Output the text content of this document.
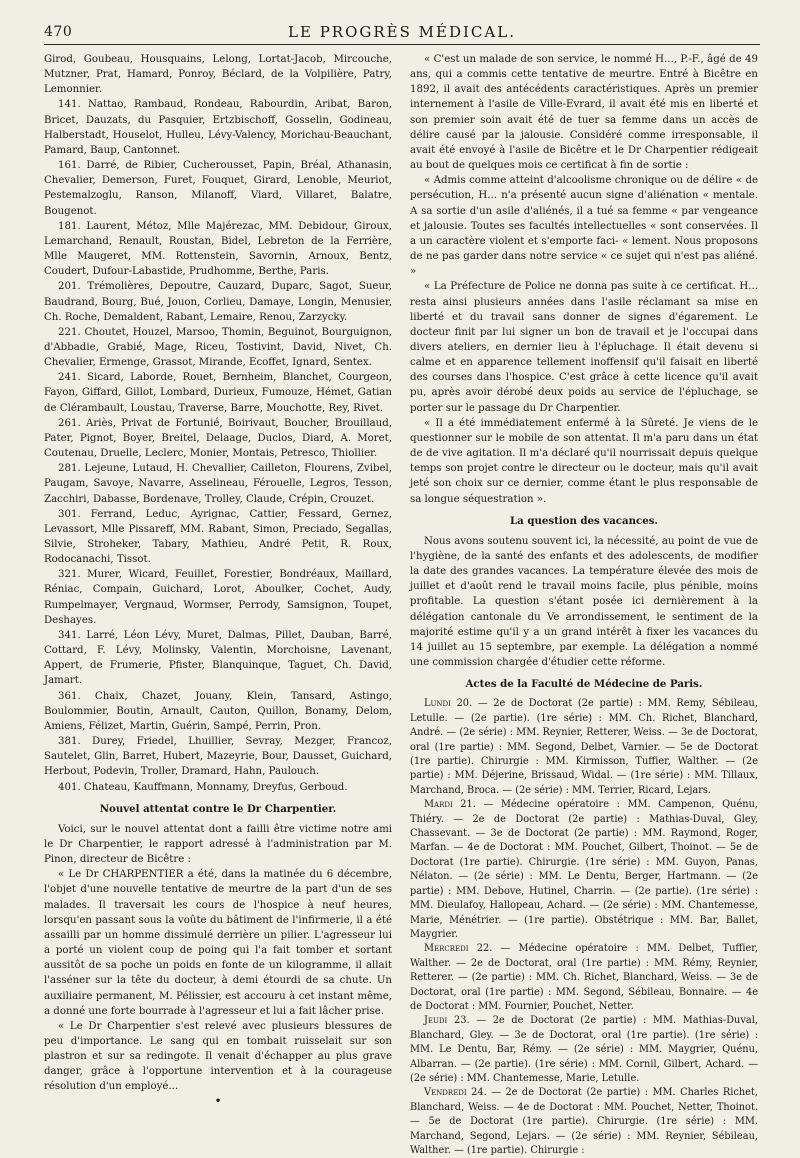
470	LE PROGRÈS MÉDICAL.

Girod, Goubeau, Housquains, Lelong, Lortat-Jacob, Mircouche, Mutzner, Prat, Hamard, Ponroy, Béclard, de la Volpilière, Patry, Lemonnier.

141. Nattao, Rambaud, Rondeau, Rabourdin, Aribat, Baron, Bricet, Dauzats, du Pasquier, Ertzbischoff, Gosselin, Godineau, Halberstadt, Houselot, Hulleu, Lévy-Valency, Morichau-Beauchant, Pamard, Baup, Cantonnet.

161. Darré, de Ribier, Cucherousset, Papin, Bréal, Athanasin, Chevalier, Demerson, Furet, Fouquet, Girard, Lenoble, Meuriot, Pestemalzoglu, Ranson, Milanoff, Viard, Villaret, Balatre, Bougenot.

181. Laurent, Métoz, Mlle Majérezac, MM. Debidour, Giroux, Lemarchand, Renault, Roustan, Bidel, Lebreton de la Ferrière, Mlle Maugeret, MM. Rottenstein, Savornin, Arnoux, Bentz, Coudert, Dufour-Labastide, Prudhomme, Berthe, Paris.

201. Trémolières, Depoutre, Cauzard, Duparc, Sagot, Sueur, Baudrand, Bourg, Bué, Jouon, Corlieu, Damaye, Longin, Menusier, Ch. Roche, Demaldent, Rabant, Lemaire, Renou, Zarzycky.

221. Choutet, Houzel, Marsoo, Thomin, Beguinot, Bourguignon, d'Abbadie, Grabié, Mage, Riceu, Tostivint, David, Nivet, Ch. Chevalier, Ermenge, Grassot, Mirande, Ecoffet, Ignard, Sentex.

241. Sicard, Laborde, Rouet, Bernheim, Blanchet, Courgeon, Fayon, Giffard, Gillot, Lombard, Durieux, Fumouze, Hémet, Gatian de Clérambault, Loustau, Traverse, Barre, Mouchotte, Rey, Rivet.

261. Ariès, Privat de Fortunié, Boirivaut, Boucher, Brouillaud, Pater, Pignot, Boyer, Breitel, Delaage, Duclos, Diard, A. Moret, Coutenau, Druelle, Leclerc, Monier, Montais, Petresco, Thiollier.

281. Lejeune, Lutaud, H. Chevallier, Cailleton, Flourens, Zvibel, Paugam, Savoye, Navarre, Asselineau, Férouelle, Legros, Tesson, Zacchiri, Dabasse, Bordenave, Trolley, Claude, Crépin, Crouzet.

301. Ferrand, Leduc, Ayrignac, Cattier, Fessard, Gernez, Levassort, Mlle Pissareff, MM. Rabant, Simon, Preciado, Segallas, Silvie, Stroheker, Tabary, Mathieu, André Petit, R. Roux, Rodocanachi, Tissot.

321. Murer, Wicard, Feuillet, Forestier, Bondréaux, Maillard, Réniac, Compain, Guichard, Lorot, Aboulker, Cochet, Audy, Rumpelmayer, Vergnaud, Wormser, Perrody, Samsignon, Toupet, Deshayes.

341. Larré, Léon Lévy, Muret, Dalmas, Pillet, Dauban, Barré, Cottard, F. Lévy, Molinsky, Valentin, Morchoisne, Lavenant, Appert, de Frumerie, Pfister, Blanquinque, Taguet, Ch. David, Jamart.

361. Chaix, Chazet, Jouany, Klein, Tansard, Astingo, Boulommier, Boutin, Arnault, Cauton, Quillon, Bonamy, Delom, Amiens, Félizet, Martin, Guérin, Sampé, Perrin, Pron.

381. Durey, Friedel, Lhuillier, Sevray, Mezger, Francoz, Sautelet, Glin, Barret, Hubert, Mazeyrie, Bour, Dausset, Guichard, Herbout, Podevin, Troller, Dramard, Hahn, Paulouch.

401. Chateau, Kauffmann, Monnamy, Dreyfus, Gerboud.

Nouvel attentat contre le Dr Charpentier.

Voici, sur le nouvel attentat dont a failli être victime notre ami le Dr Charpentier, le rapport adressé à l'administration par M. Pinon, directeur de Bicêtre :

« Le Dr CHARPENTIER a été, dans la matinée du 6 décembre, l'objet d'une nouvelle tentative de meurtre de la part d'un de ses malades. Il traversait les cours de l'hospice à neuf heures, lorsqu'en passant sous la voûte du bâtiment de l'infirmerie, il a été assailli par un homme dissimulé derrière un pilier. L'agresseur lui a porté un violent coup de poing qui l'a fait tomber et sortant aussitôt de sa poche un poids en fonte de un kilogramme, il allait l'asséner sur la tête du docteur, à demi étourdi de sa chute. Un auxiliaire permanent, M. Pélissier, est accouru à cet instant même, a donné une forte bourrade à l'agresseur et lui a fait lâcher prise.

« Le Dr Charpentier s'est relevé avec plusieurs blessures de peu d'importance. Le sang qui en tombait ruisselait sur son plastron et sur sa redingote. Il venait d'échapper au plus grave danger, grâce à l'opportune intervention et à la courageuse résolution d'un employé...

•

« C'est un malade de son service, le nommé H..., P.-F., âgé de 49 ans, qui a commis cette tentative de meurtre. Entré à Bicêtre en 1892, il avait des antécédents caractéristiques. Après un premier internement à l'asile de Ville-Evrard, il avait été mis en liberté et son premier soin avait été de tuer sa femme dans un accès de délire causé par la jalousie. Considéré comme irresponsable, il avait été envoyé à l'asile de Bicêtre et le Dr Charpentier rédigeait au bout de quelques mois ce certificat à fin de sortie :

« Admis comme atteint d'alcoolisme chronique ou de délire « de persécution, H... n'a présenté aucun signe d'aliénation « mentale. A sa sortie d'un asile d'aliénés, il a tué sa femme « par vengeance et jalousie. Toutes ses facultés intellectuelles « sont conservées. Il a un caractère violent et s'emporte faci- « lement. Nous proposons de ne pas garder dans notre service « ce sujet qui n'est pas aliéné. »

« La Préfecture de Police ne donna pas suite à ce certificat. H... resta ainsi plusieurs années dans l'asile réclamant sa mise en liberté et du travail sans donner de signes d'égarement. Le docteur finit par lui signer un bon de travail et je l'occupai dans divers ateliers, en dernier lieu à l'épluchage. Il était devenu si calme et en apparence tellement inoffensif qu'il faisait en liberté des courses dans l'hospice. C'est grâce à cette licence qu'il avait pu, après avoir dérobé deux poids au service de l'épluchage, se porter sur le passage du Dr Charpentier.

« Il a été immédiatement enfermé à la Sûreté. Je viens de le questionner sur le mobile de son attentat. Il m'a paru dans un état de de vive agitation. Il m'a déclaré qu'il nourrissait depuis quelque temps son projet contre le directeur ou le docteur, mais qu'il avait jeté son choix sur ce dernier, comme étant le plus responsable de sa longue séquestration ».

La question des vacances.

Nous avons soutenu souvent ici, la nécessité, au point de vue de l'hygiène, de la santé des enfants et des adolescents, de modifier la date des grandes vacances. La température élevée des mois de juillet et d'août rend le travail moins facile, plus pénible, moins profitable. La question s'étant posée ici dernièrement à la délégation cantonale du Ve arrondissement, le sentiment de la majorité estime qu'il y a un grand intérêt à fixer les vacances du 14 juillet au 15 septembre, par exemple. La délégation a nommé une commission chargée d'étudier cette réforme.

Actes de la Faculté de Médecine de Paris.

Lundi 20. — 2e de Doctorat (2e partie) : MM. Remy, Sébileau, Letulle. — (2e partie). (1re série) : MM. Ch. Richet, Blanchard, André. — (2e série) : MM. Reynier, Retterer, Weiss. — 3e de Doctorat, oral (1re partie) : MM. Segond, Delbet, Varnier. — 5e de Doctorat (1re partie). Chirurgie : MM. Kirmisson, Tuffier, Walther. — (2e partie) : MM. Déjerine, Brissaud, Widal. — (1re série) : MM. Tillaux, Marchand, Broca. — (2e série) : MM. Terrier, Ricard, Lejars.

Mardi 21. — Médecine opératoire : MM. Campenon, Quénu, Thiéry. — 2e de Doctorat (2e partie) : Mathias-Duval, Gley, Chassevant. — 3e de Doctorat (2e partie) : MM. Raymond, Roger, Marfan. — 4e de Doctorat : MM. Pouchet, Gilbert, Thoinot. — 5e de Doctorat (1re partie). Chirurgie. (1re série) : MM. Guyon, Panas, Nélaton. — (2e série) : MM. Le Dentu, Berger, Hartmann. — (2e partie) : MM. Debove, Hutinel, Charrin. — (2e partie). (1re série) : MM. Dieulafoy, Hallopeau, Achard. — (2e série) : MM. Chantemesse, Marie, Ménétrier. — (1re partie). Obstétrique : MM. Bar, Ballet, Maygrier.

Mercredi 22. — Médecine opératoire : MM. Delbet, Tuffier, Walther. — 2e de Doctorat, oral (1re partie) : MM. Rémy, Reynier, Retterer. — (2e partie) : MM. Ch. Richet, Blanchard, Weiss. — 3e de Doctorat, oral (1re partie) : MM. Segond, Sébileau, Bonnaire. — 4e de Doctorat : MM. Fournier, Pouchet, Netter.

Jeudi 23. — 2e de Doctorat (2e partie) : MM. Mathias-Duval, Blanchard, Gley. — 3e de Doctorat, oral (1re partie). (1re série) : MM. Le Dentu, Bar, Rémy. — (2e série) : MM. Maygrier, Quénu, Albarran. — (2e partie). (1re série) : MM. Cornil, Gilbert, Achard. — (2e série) : MM. Chantemesse, Marie, Letulle.

Vendredi 24. — 2e de Doctorat (2e partie) : MM. Charles Richet, Blanchard, Weiss. — 4e de Doctorat : MM. Pouchet, Netter, Thoinot. — 5e de Doctorat (1re partie). Chirurgie. (1re série) : MM. Marchand, Segond, Lejars. — (2e série) : MM. Reynier, Sébileau, Walther. — (1re partie). Chirurgie :
